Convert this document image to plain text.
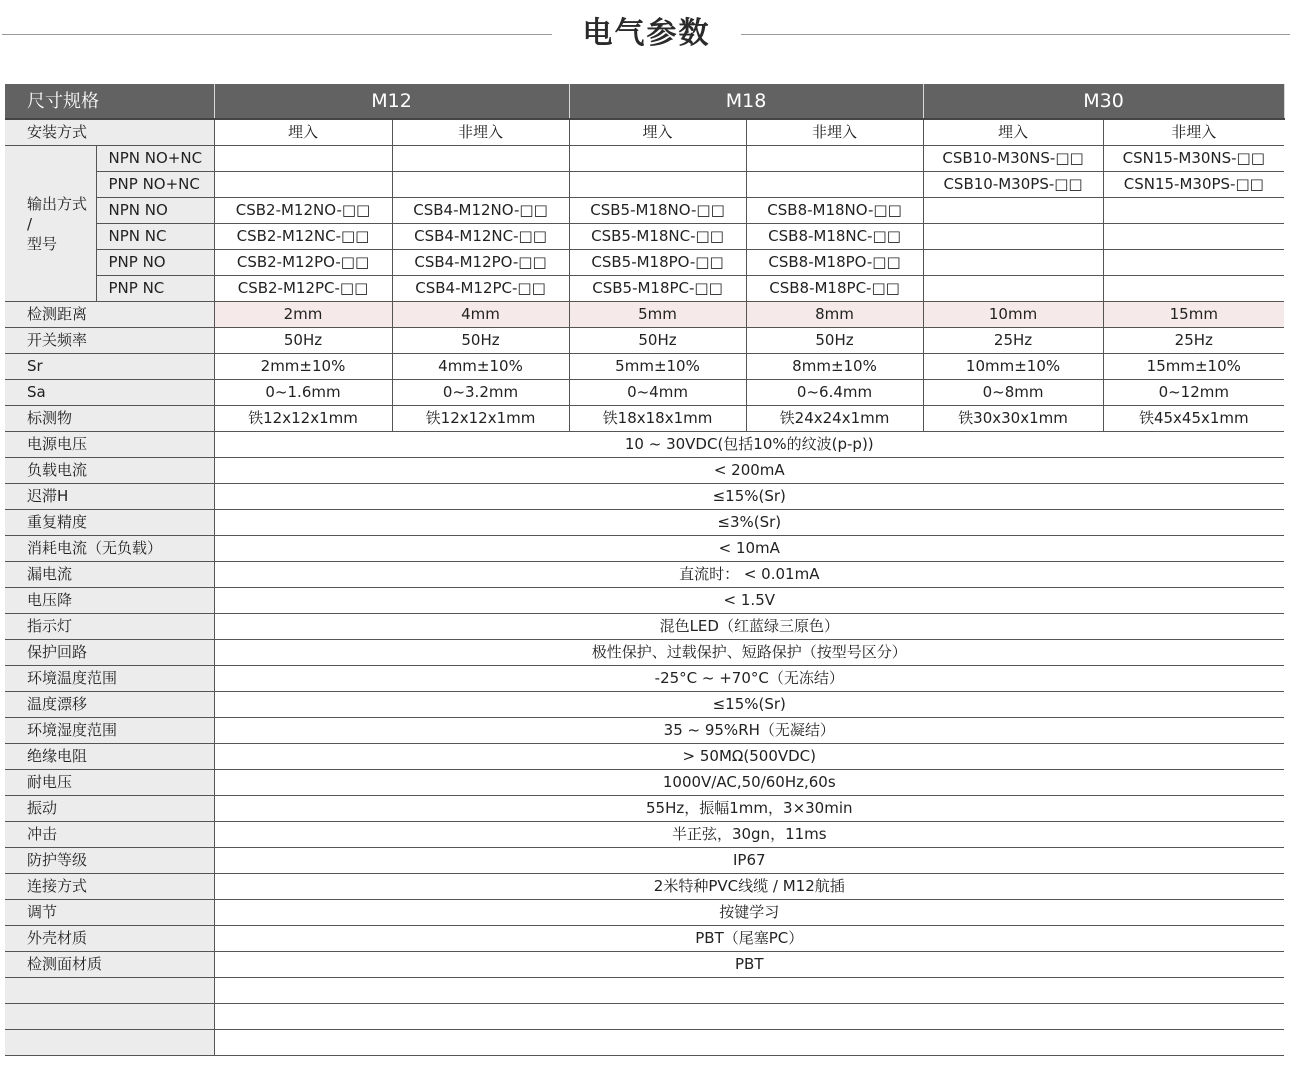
电气参数
尺寸规格		M12		M18		M30	
安装方式		埋入	非埋入	埋入	非埋入	埋入	非埋入

输出方式
/
型号	NPN NO+NC					CSB10-M30NS-□□	CSN15-M30NS-□□
	PNP NO+NC					CSB10-M30PS-□□	CSN15-M30PS-□□
	NPN NO	CSB2-M12NO-□□	CSB4-M12NO-□□	CSB5-M18NO-□□	CSB8-M18NO-□□		
	NPN NC	CSB2-M12NC-□□	CSB4-M12NC-□□	CSB5-M18NC-□□	CSB8-M18NC-□□		
	PNP NO	CSB2-M12PO-□□	CSB4-M12PO-□□	CSB5-M18PO-□□	CSB8-M18PO-□□		
	PNP NC	CSB2-M12PC-□□	CSB4-M12PC-□□	CSB5-M18PC-□□	CSB8-M18PC-□□		
检测距离		2mm	4mm	5mm	8mm	10mm	15mm
开关频率		50Hz	50Hz	50Hz	50Hz	25Hz	25Hz
Sr		2mm±10%	4mm±10%	5mm±10%	8mm±10%	10mm±10%	15mm±10%
Sa		0~1.6mm	0~3.2mm	0~4mm	0~6.4mm	0~8mm	0~12mm
标测物		铁12x12x1mm	铁12x12x1mm	铁18x18x1mm	铁24x24x1mm	铁30x30x1mm	铁45x45x1mm
电源电压		10 ~ 30VDC(包括10%的纹波(p-p))					
负载电流		< 200mA					
迟滞H		≤15%(Sr)					
重复精度		≤3%(Sr)					
消耗电流（无负载）		< 10mA					
漏电流		直流时： < 0.01mA					
电压降		< 1.5V					
指示灯		混色LED（红蓝绿三原色）					
保护回路		极性保护、过载保护、短路保护（按型号区分）					
环境温度范围		-25°C ~ +70°C（无冻结）					
温度漂移		≤15%(Sr)					
环境湿度范围		35 ~ 95%RH（无凝结）					
绝缘电阻		> 50MΩ(500VDC)					
耐电压		1000V/AC,50/60Hz,60s					
振动		55Hz，振幅1mm，3×30min					
冲击		半正弦，30gn，11ms					
防护等级		IP67					
连接方式		2米特种PVC线缆 / M12航插					
调节		按键学习					
外壳材质		PBT（尾塞PC）					
检测面材质		PBT					
